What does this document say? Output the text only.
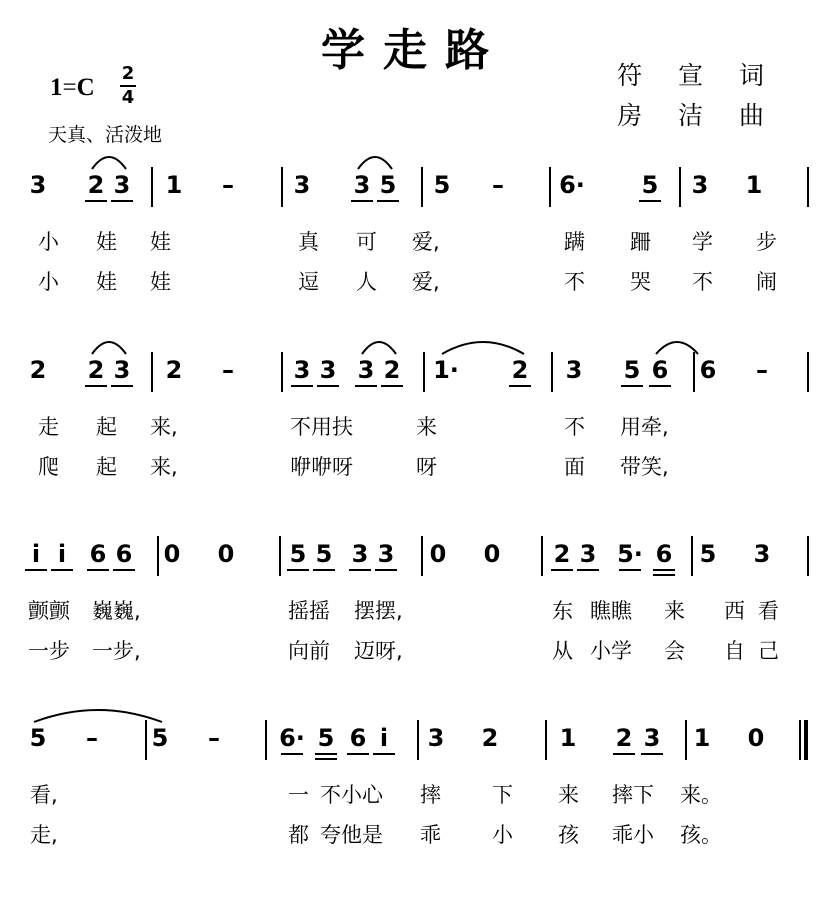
学走路
1=C
2
4
天真、活泼地
符 宣 词
房 洁 曲
3 2 3 1 – 3 3 5 5 – 6· 5 3 1
小 娃 娃	真 可 爱,	蹒 跚 学 步
小 娃 娃	逗 人 爱,	不 哭 不 闹
2 2 3 2 – 3 3 3 2 1· 2 3 5 6 6 –
走 起 来,	不用扶	来	不 用牵,
爬 起 来,	咿咿呀	呀	面 带笑,
i̇ i̇ 6 6 0 0 5 5 3 3 0 0 2 3 5· 6 5 3
颤颤 巍巍,	摇摇 摆摆,	东 瞧瞧 来 西 看
一步 一步,	向前 迈呀,	从 小学 会 自 己
5 – 5 – 6· 5 6 i̇ 3 2	1 2 3 1 0
看,	一 不小心 摔 下 来 摔下 来。
走,	都 夸他是 乖 小 孩 乖小 孩。
